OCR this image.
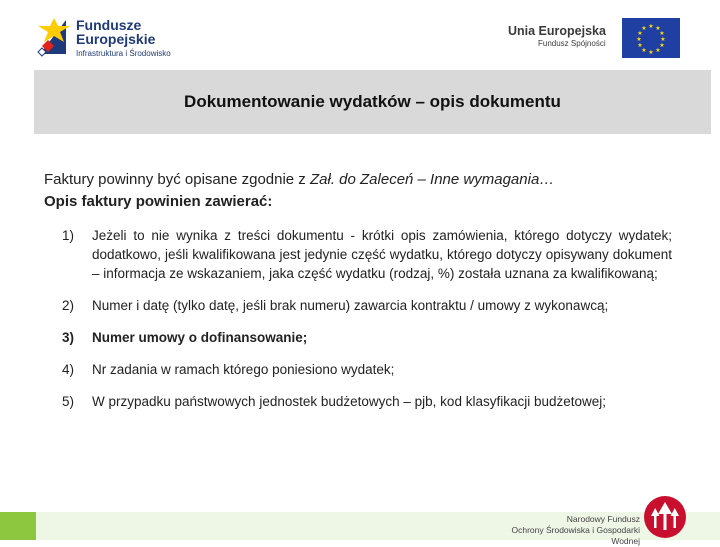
Fundusze
Europejskie
Infrastruktura i Środowisko
Unia Europejska
Fundusz Spójności
★ ★
★
★
★
★
★
★
★
★
★
★
Dokumentowanie wydatków – opis dokumentu
Faktury powinny być opisane zgodnie z Zał. do Zaleceń – Inne wymagania…
Opis faktury powinien zawierać:
1)	Jeżeli to nie wynika z treści dokumentu - krótki opis zamówienia, którego dotyczy wydatek; dodatkowo, jeśli kwalifikowana jest jedynie część wydatku, którego dotyczy opisywany dokument – informacja ze wskazaniem, jaka część wydatku (rodzaj, %) została uznana za kwalifikowaną;
2)	Numer i datę (tylko datę, jeśli brak numeru) zawarcia kontraktu / umowy z wykonawcą;
3)	Numer umowy o dofinansowanie;
4)	Nr zadania w ramach którego poniesiono wydatek;
5)	W przypadku państwowych jednostek budżetowych – pjb, kod klasyfikacji budżetowej;
Narodowy Fundusz
Ochrony Środowiska i Gospodarki Wodnej
